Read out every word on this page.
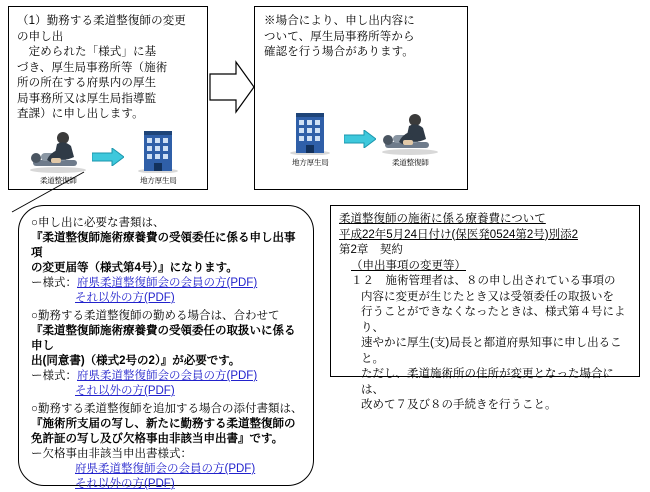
（1）勤務する柔道整復師の変更
の申し出
　定められた「様式」に基
づき、厚生局事務所等（施術
所の所在する府県内の厚生
局事務所又は厚生局指導監
査課）に申し出します。
柔道整復師	地方厚生局
※場合により、申し出内容に
ついて、厚生局事務所等から
確認を行う場合があります。
地方厚生局	柔道整復師
○申し出に必要な書類は、
『柔道整復師施術療養費の受領委任に係る申し出事項
の変更届等（様式第4号）』になります。
ー様式：府県柔道整復師会の会員の方(PDF)
それ以外の方(PDF)
○勤務する柔道整復師の勤める場合は、合わせて
『柔道整復師施術療養費の受領委任の取扱いに係る申し
出(同意書)（様式2号の2）』が必要です。
ー様式：府県柔道整復師会の会員の方(PDF)
それ以外の方(PDF)
○勤務する柔道整復師を追加する場合の添付書類は、
『施術所支届の写し、新たに勤務する柔道整復師の
免許証の写し及び欠格事由非該当申出書』です。
ー欠格事由非該当申出書様式：
府県柔道整復師会の会員の方(PDF)
それ以外の方(PDF)
柔道整復師の施術に係る療養費について
平成22年5月24日付け(保医発0524第2号)別添2
第2章　契約
（申出事項の変更等）
１２　施術管理者は、８の申し出されている事項の
内容に変更が生じたとき又は受領委任の取扱いを
行うことができなくなったときは、様式第４号により、
速やかに厚生(支)局長と都道府県知事に申し出ること。
ただし、柔道施術所の住所が変更となった場合には、
改めて７及び８の手続きを行うこと。
